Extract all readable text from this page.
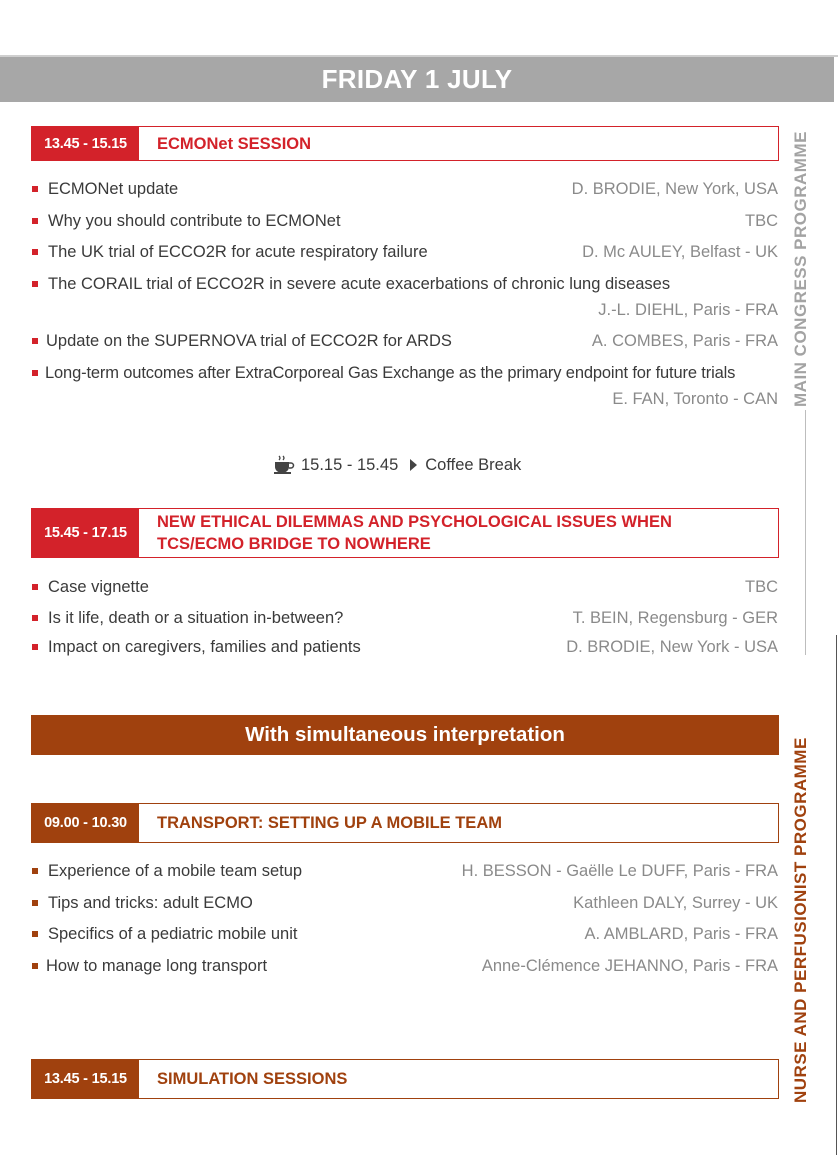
FRIDAY 1 JULY
MAIN CONGRESS PROGRAMME
NURSE AND PERFUSIONIST PROGRAMME
13.45 - 15.15	ECMONet SESSION
ECMONet update	D. BRODIE, New York, USA
Why you should contribute to ECMONet	TBC
The UK trial of ECCO2R for acute respiratory failure	D. Mc AULEY, Belfast - UK
The CORAIL trial of ECCO2R in severe acute exacerbations of chronic lung diseases
J.-L. DIEHL, Paris - FRA
Update on the SUPERNOVA trial of ECCO2R for ARDS	A. COMBES, Paris - FRA
Long-term outcomes after ExtraCorporeal Gas Exchange as the primary endpoint for future trials
E. FAN, Toronto - CAN
15.15 - 15.45 Coffee Break
15.45 - 17.15
NEW ETHICAL DILEMMAS AND PSYCHOLOGICAL ISSUES WHEN
TCS/ECMO BRIDGE TO NOWHERE
Case vignette	TBC
Is it life, death or a situation in-between?	T. BEIN, Regensburg - GER
Impact on caregivers, families and patients	D. BRODIE, New York - USA
With simultaneous interpretation
09.00 - 10.30	TRANSPORT: SETTING UP A MOBILE TEAM
Experience of a mobile team setup	H. BESSON - Gaëlle Le DUFF, Paris - FRA
Tips and tricks: adult ECMO	Kathleen DALY, Surrey - UK
Specifics of a pediatric mobile unit	A. AMBLARD, Paris - FRA
How to manage long transport	Anne-Clémence JEHANNO, Paris - FRA
13.45 - 15.15	SIMULATION SESSIONS
